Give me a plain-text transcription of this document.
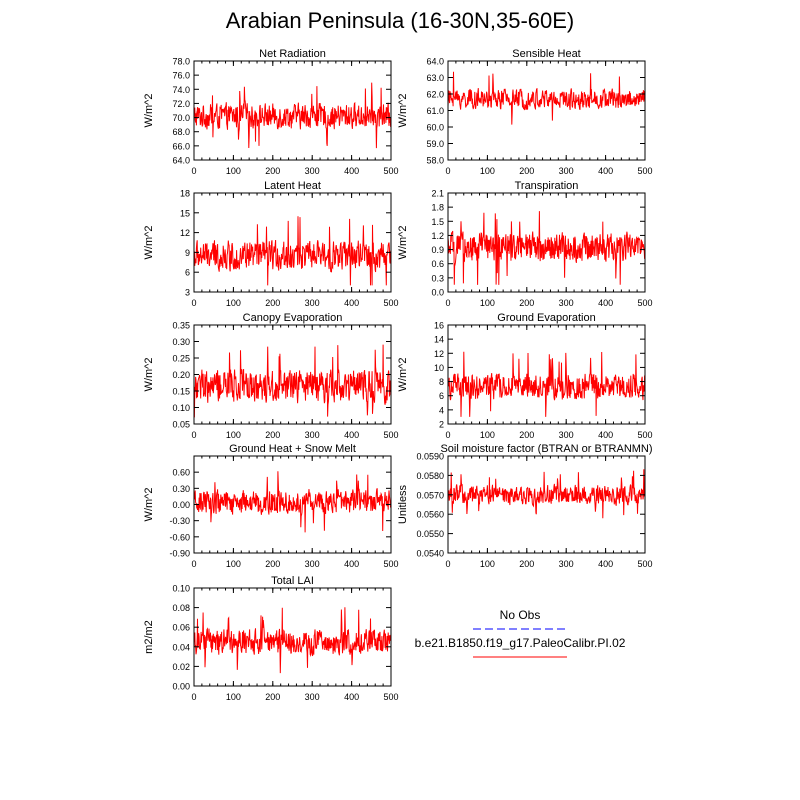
Arabian Peninsula (16-30N,35-60E)
Net Radiation
W/m^2
0	100	200	300	400	500
64.0
66.0
68.0
70.0
72.0
74.0
76.0
78.0
Sensible Heat
W/m^2
0	100	200	300	400	500
58.0
59.0
60.0
61.0
62.0
63.0
64.0
Latent Heat
W/m^2
0	100	200	300	400	500
3
6
9
12
15
18
Transpiration
W/m^2
0	100	200	300	400	500
0.0
0.3
0.6
0.9
1.2
1.5
1.8
2.1
Canopy Evaporation
W/m^2
0	100	200	300	400	500
0.05
0.10
0.15
0.20
0.25
0.30
0.35
Ground Evaporation
W/m^2
0	100	200	300	400	500
2
4
6
8
10
12
14
16
Ground Heat + Snow Melt
W/m^2
0	100	200	300	400	500
-0.90
-0.60
-0.30
0.00
0.30
0.60
Soil moisture factor (BTRAN or BTRANMN)
Unitless
0	100	200	300	400	500
0.0540
0.0550
0.0560
0.0570
0.0580
0.0590
Total LAI
m2/m2
0	100	200	300	400	500
0.00
0.02
0.04
0.06
0.08
0.10
No Obs
b.e21.B1850.f19_g17.PaleoCalibr.PI.02
